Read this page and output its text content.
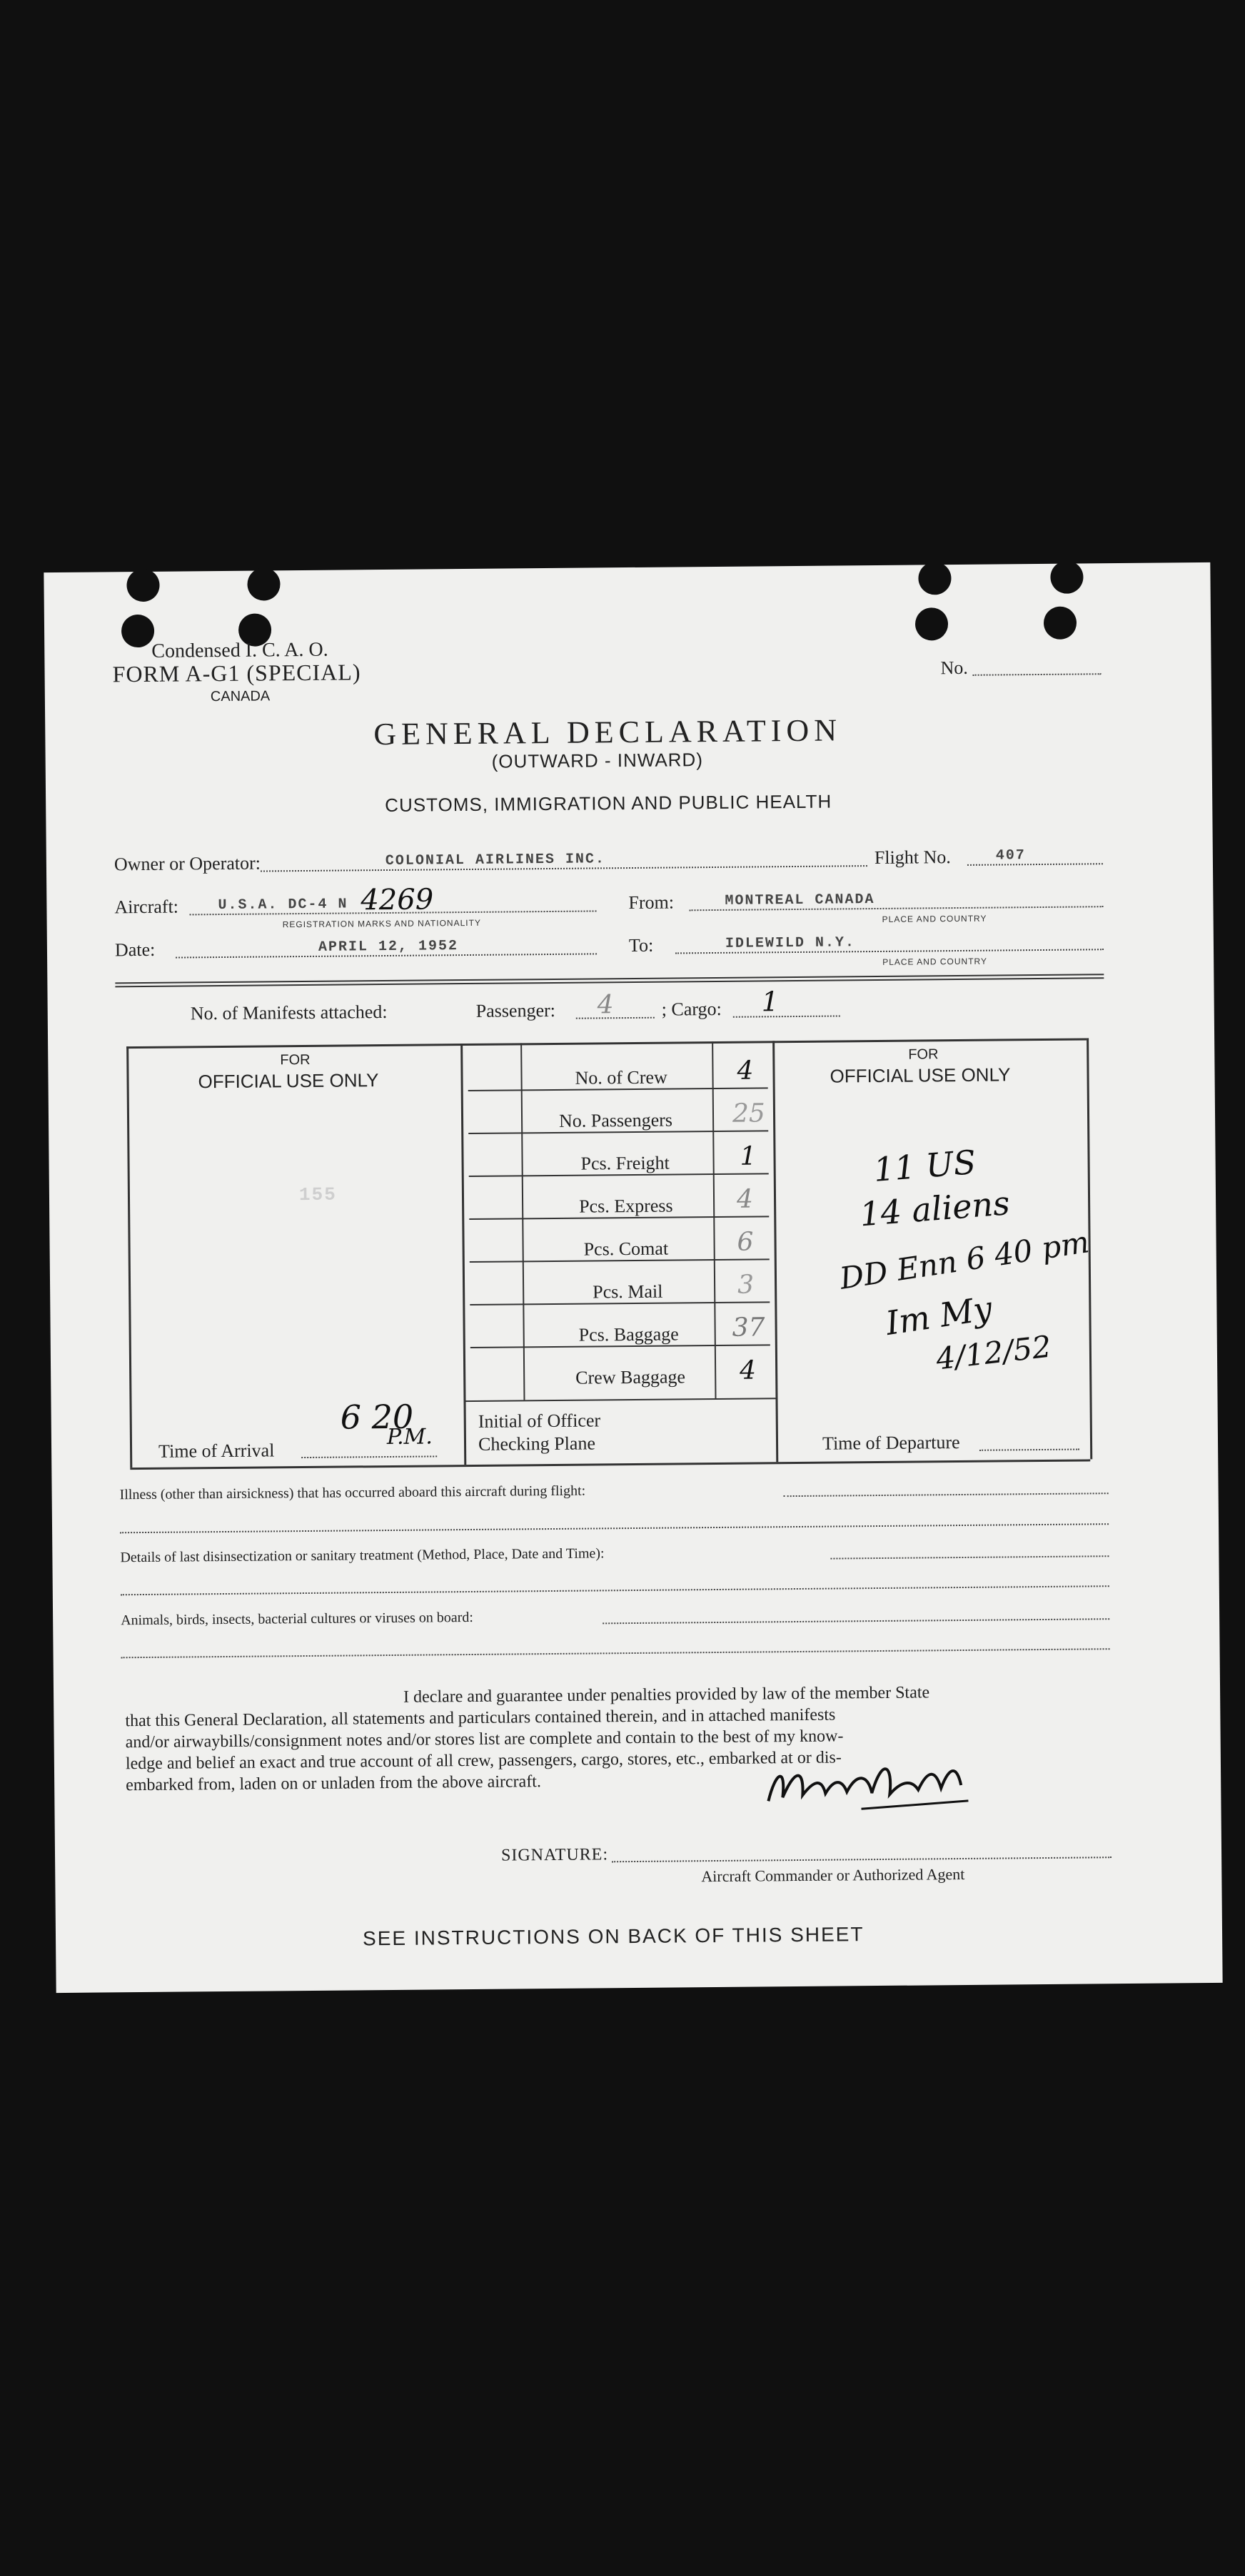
Condensed I. C. A. O.
FORM A-G1 (SPECIAL)
CANADA
No.
GENERAL DECLARATION
(OUTWARD - INWARD)
CUSTOMS, IMMIGRATION AND PUBLIC HEALTH
Owner or Operator:	COLONIAL AIRLINES INC.	Flight No.	407
Aircraft:	U.S.A. DC-4 N 4269
REGISTRATION MARKS AND NATIONALITY
From:	MONTREAL CANADA
PLACE AND COUNTRY
Date:	APRIL 12, 1952	To:	IDLEWILD N.Y.
PLACE AND COUNTRY
No. of Manifests attached:	Passenger: 4	; Cargo: 1
FOR
OFFICIAL USE ONLY
155
Time of Arrival
6 20
P.M.
No. of Crew	4
No. Passengers 25
Pcs. Freight	1
Pcs. Express 4
Pcs. Comat	6
Pcs. Mail	3
Pcs. Baggage 37
Crew Baggage 4
Initial of Officer
Checking Plane
FOR
OFFICIAL USE ONLY
11 US
14 aliens
DD Enn 6 40 pm
Im My
4/12/52
Time of Departure
Illness (other than airsickness) that has occurred aboard this aircraft during flight:
Details of last disinsectization or sanitary treatment (Method, Place, Date and Time):
Animals, birds, insects, bacterial cultures or viruses on board:
I declare and guarantee under penalties provided by law of the member State
that this General Declaration, all statements and particulars contained therein, and in attached manifests
and/or airwaybills/consignment notes and/or stores list are complete and contain to the best of my know-
ledge and belief an exact and true account of all crew, passengers, cargo, stores, etc., embarked at or dis-
embarked from, laden on or unladen from the above aircraft.
SIGNATURE:
Aircraft Commander or Authorized Agent
SEE INSTRUCTIONS ON BACK OF THIS SHEET
